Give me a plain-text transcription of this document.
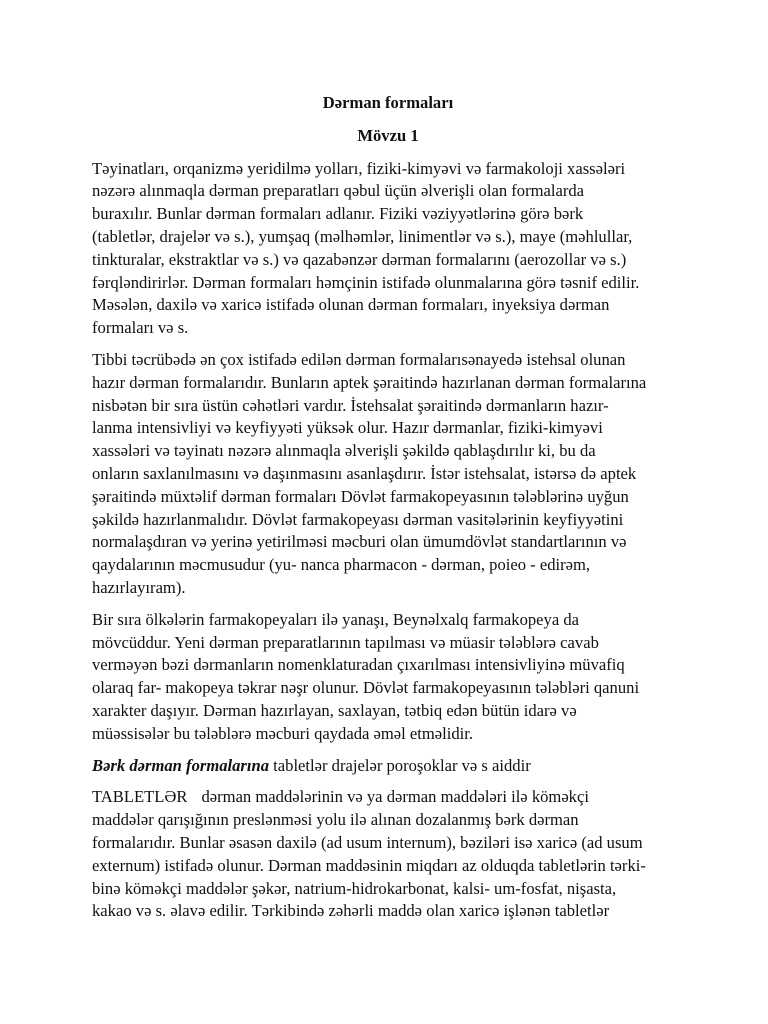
Dərman formaları
Mövzu 1
Təyinatları, orqanizmə yeridilmə yolları, fiziki-kimyəvi və farmakoloji xassələri
nəzərə alınmaqla dərman preparatları qəbul üçün əlverişli olan formalarda
buraxılır. Bunlar dərman formaları adlanır. Fiziki vəziyyətlərinə görə bərk
(tabletlər, drajelər və s.), yumşaq (məlhəmlər, linimentlər və s.), maye (məhlullar,
tinkturalar, ekstraktlar və s.) və qazabənzər dərman formalarını (aerozollar və s.)
fərqləndirirlər. Dərman formaları həmçinin istifadə olunmalarına görə təsnif edilir.
Məsələn, daxilə və xaricə istifadə olunan dərman formaları, inyeksiya dərman
formaları və s.
Tibbi təcrübədə ən çox istifadə edilən dərman formalarısənayedə istehsal olunan
hazır dərman formalarıdır. Bunların aptek şəraitində hazırlanan dərman formalarına
nisbətən bir sıra üstün cəhətləri vardır. İstehsalat şəraitində dərmanların hazır-
lanma intensivliyi və keyfiyyəti yüksək olur. Hazır dərmanlar, fiziki-kimyəvi
xassələri və təyinatı nəzərə alınmaqla əlverişli şəkildə qablaşdırılır ki, bu da
onların saxlanılmasını və daşınmasını asanlaşdırır. İstər istehsalat, istərsə də aptek
şəraitində müxtəlif dərman formaları Dövlət farmakopeyasının tələblərinə uyğun
şəkildə hazırlanmalıdır. Dövlət farmakopeyası dərman vasitələrinin keyfiyyətini
normalaşdıran və yerinə yetirilməsi məcburi olan ümumdövlət standartlarının və
qaydalarının məcmusudur (yu- nanca pharmacon - dərman, poieo - edirəm,
hazırlayıram).
Bir sıra ölkələrin farmakopeyaları ilə yanaşı, Beynəlxalq farmakopeya da
mövcüddur. Yeni dərman preparatlarının tapılması və müasir tələblərə cavab
verməyən bəzi dərmanların nomenklaturadan çıxarılması intensivliyinə müvafiq
olaraq far- makopeya təkrar nəşr olunur. Dövlət farmakopeyasının tələbləri qanuni
xarakter daşıyır. Dərman hazırlayan, saxlayan, tətbiq edən bütün idarə və
müəssisələr bu tələblərə məcburi qaydada əməl etməlidir.
Bərk dərman formalarına tabletlər drajelər poroşoklar və s aiddir
TABLETLƏR dərman maddələrinin və ya dərman maddələri ilə köməkçi
maddələr qarışığının preslənməsi yolu ilə alınan dozalanmış bərk dərman
formalarıdır. Bunlar əsasən daxilə (ad usum internum), bəziləri isə xaricə (ad usum
externum) istifadə olunur. Dərman maddəsinin miqdarı az olduqda tabletlərin tərki-
binə köməkçi maddələr şəkər, natrium-hidrokarbonat, kalsi- um-fosfat, nişasta,
kakao və s. əlavə edilir. Tərkibində zəhərli maddə olan xaricə işlənən tabletlər
